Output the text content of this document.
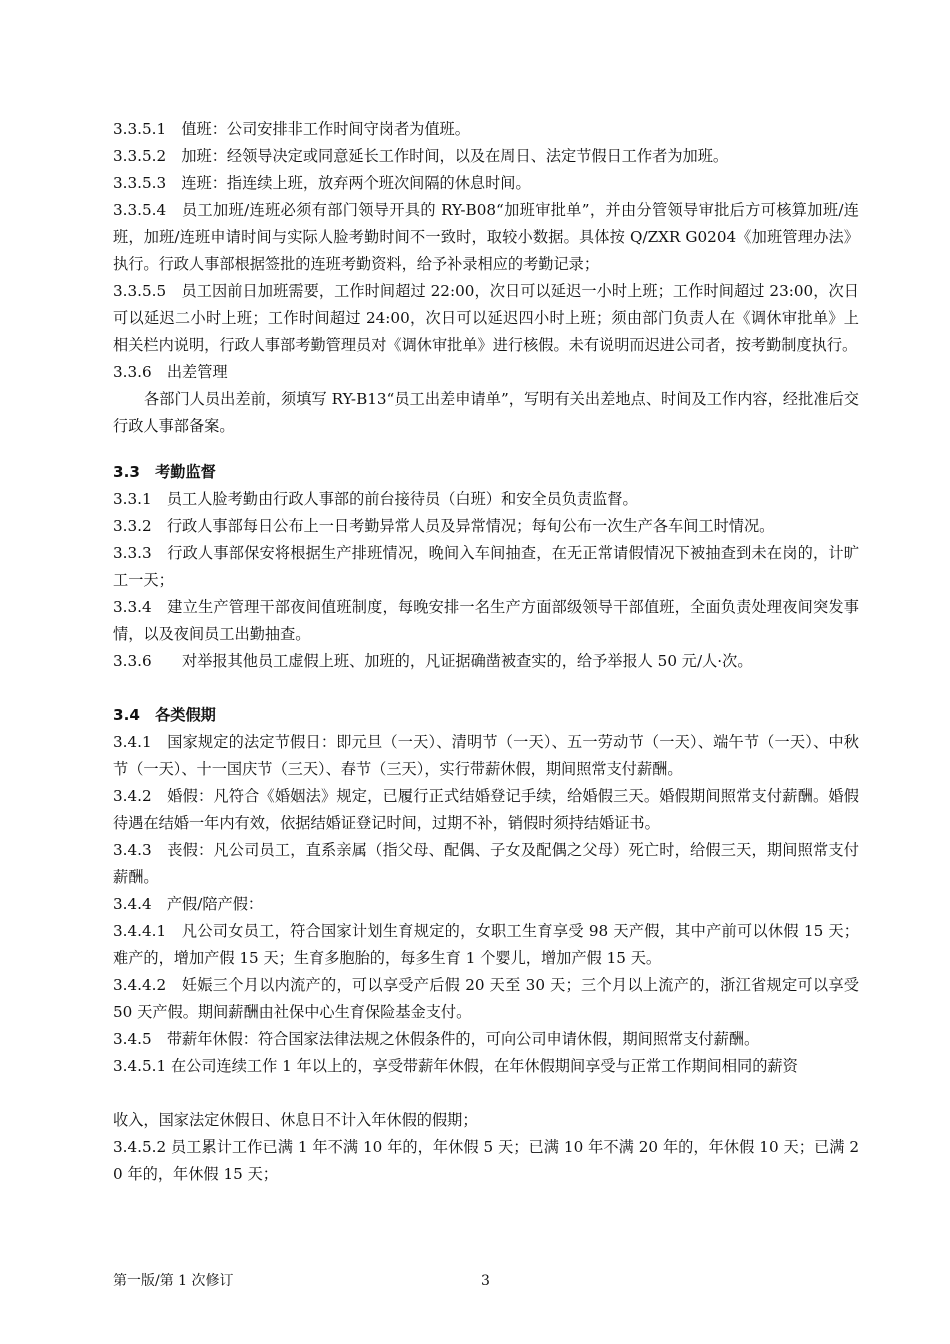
3.3.5.1　值班：公司安排非工作时间守岗者为值班。

3.3.5.2　加班：经领导决定或同意延长工作时间，以及在周日、法定节假日工作者为加班。

3.3.5.3　连班：指连续上班，放弃两个班次间隔的休息时间。

3.3.5.4　员工加班/连班必须有部门领导开具的 RY-B08“加班审批单”，并由分管领导审批后方可核算加班/连班，加班/连班申请时间与实际人脸考勤时间不一致时，取较小数据。具体按 Q/ZXR G0204《加班管理办法》执行。行政人事部根据签批的连班考勤资料，给予补录相应的考勤记录；

3.3.5.5　员工因前日加班需要，工作时间超过 22:00，次日可以延迟一小时上班；工作时间超过 23:00，次日可以延迟二小时上班；工作时间超过 24:00，次日可以延迟四小时上班；须由部门负责人在《调休审批单》上相关栏内说明，行政人事部考勤管理员对《调休审批单》进行核假。未有说明而迟进公司者，按考勤制度执行。

3.3.6　出差管理

各部门人员出差前，须填写 RY-B13“员工出差申请单”，写明有关出差地点、时间及工作内容，经批准后交行政人事部备案。

3.3　考勤监督

3.3.1　员工人脸考勤由行政人事部的前台接待员（白班）和安全员负责监督。

3.3.2　行政人事部每日公布上一日考勤异常人员及异常情况；每旬公布一次生产各车间工时情况。

3.3.3　行政人事部保安将根据生产排班情况，晚间入车间抽查，在无正常请假情况下被抽查到未在岗的，计旷工一天；

3.3.4　建立生产管理干部夜间值班制度，每晚安排一名生产方面部级领导干部值班，全面负责处理夜间突发事情，以及夜间员工出勤抽查。

3.3.6　　对举报其他员工虚假上班、加班的，凡证据确凿被查实的，给予举报人 50 元/人·次。

3.4　各类假期

3.4.1　国家规定的法定节假日：即元旦（一天）、清明节（一天）、五一劳动节（一天）、端午节（一天）、中秋节（一天）、十一国庆节（三天）、春节（三天），实行带薪休假，期间照常支付薪酬。

3.4.2　婚假：凡符合《婚姻法》规定，已履行正式结婚登记手续，给婚假三天。婚假期间照常支付薪酬。婚假待遇在结婚一年内有效，依据结婚证登记时间，过期不补，销假时须持结婚证书。

3.4.3　丧假：凡公司员工，直系亲属（指父母、配偶、子女及配偶之父母）死亡时，给假三天，期间照常支付薪酬。

3.4.4　产假/陪产假：

3.4.4.1　凡公司女员工，符合国家计划生育规定的，女职工生育享受 98 天产假，其中产前可以休假 15 天；难产的，增加产假 15 天；生育多胞胎的，每多生育 1 个婴儿，增加产假 15 天。

3.4.4.2　妊娠三个月以内流产的，可以享受产后假 20 天至 30 天；三个月以上流产的，浙江省规定可以享受 50 天产假。期间薪酬由社保中心生育保险基金支付。

3.4.5　带薪年休假：符合国家法律法规之休假条件的，可向公司申请休假，期间照常支付薪酬。

3.4.5.1 在公司连续工作 1 年以上的，享受带薪年休假，在年休假期间享受与正常工作期间相同的薪资

收入，国家法定休假日、休息日不计入年休假的假期；

3.4.5.2 员工累计工作已满 1 年不满 10 年的，年休假 5 天；已满 10 年不满 20 年的，年休假 10 天；已满 20 年的，年休假 15 天；

第一版/第 1 次修订	3
